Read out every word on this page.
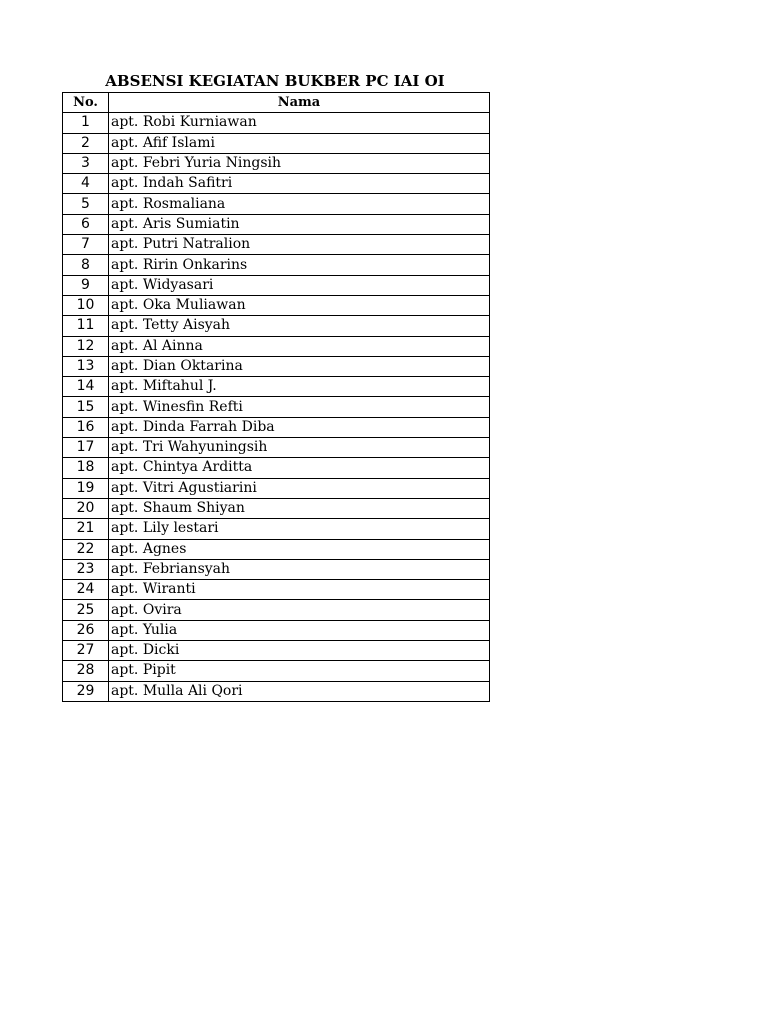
ABSENSI KEGIATAN BUKBER PC IAI OI
No.	Nama
1	apt. Robi Kurniawan
2	apt. Afif Islami
3	apt. Febri Yuria Ningsih
4	apt. Indah Safitri
5	apt. Rosmaliana
6	apt. Aris Sumiatin
7	apt. Putri Natralion
8	apt. Ririn Onkarins
9	apt. Widyasari
10	apt. Oka Muliawan
11	apt. Tetty Aisyah
12	apt. Al Ainna
13	apt. Dian Oktarina
14	apt. Miftahul J.
15	apt. Winesfin Refti
16	apt. Dinda Farrah Diba
17	apt. Tri Wahyuningsih
18	apt. Chintya Arditta
19	apt. Vitri Agustiarini
20	apt. Shaum Shiyan
21	apt. Lily lestari
22	apt. Agnes
23	apt. Febriansyah
24	apt. Wiranti
25	apt. Ovira
26	apt. Yulia
27	apt. Dicki
28	apt. Pipit
29	apt. Mulla Ali Qori
